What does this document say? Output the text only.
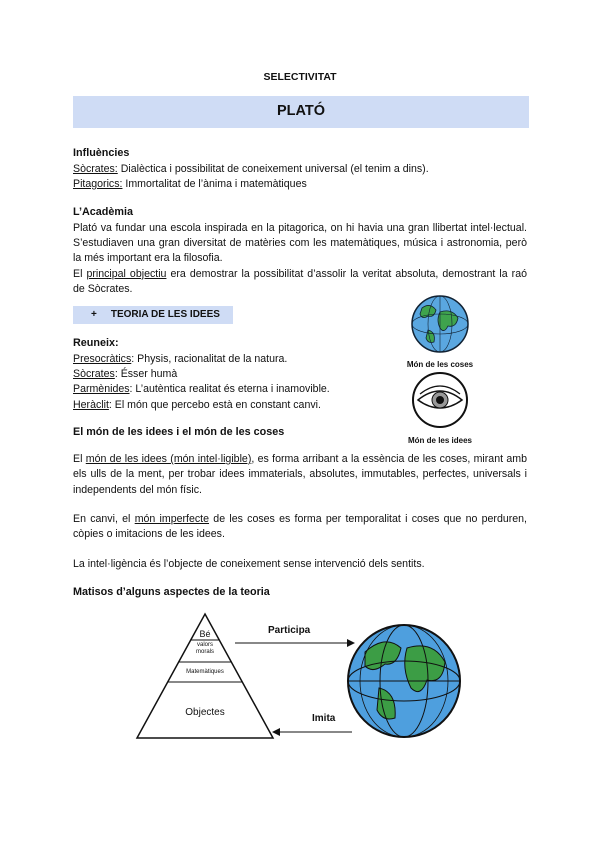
SELECTIVITAT
PLATÓ
Influències

Sòcrates: Dialèctica i possibilitat de coneixement universal (el tenim a dins).

Pitagorics: Immortalitat de l’ànima i matemàtiques

L’Acadèmia

Plató va fundar una escola inspirada en la pitagorica, on hi havia una gran llibertat intel·lectual. S’estudiaven una gran diversitat de matèries com les matemàtiques, música i astronomia, però la més important era la filosofia.

El principal objectiu era demostrar la possibilitat d’assolir la veritat absoluta, demostrant la raó de Sòcrates.

+ TEORIA DE LES IDEES
Reuneix:

Presocràtics: Physis, racionalitat de la natura.

Sòcrates: Ésser humà

Parmènides: L’autèntica realitat és eterna i inamovible.

Heràclit: El món que percebo està en constant canvi.

Món de les coses
Món de les idees
El món de les idees i el món de les coses

El món de les idees (món intel·ligible), es forma arribant a la essència de les coses, mirant amb els ulls de la ment, per trobar idees immaterials, absolutes, immutables, perfectes, universals i independents del món físic.

En canvi, el món imperfecte de les coses es forma per temporalitat i coses que no perduren, còpies o imitacions de les idees.

La intel·ligència és l’objecte de coneixement sense intervenció dels sentits.

Matisos d’alguns aspectes de la teoria
Bé
valors
morals
Matemàtiques
Objectes
Participa
Imita
